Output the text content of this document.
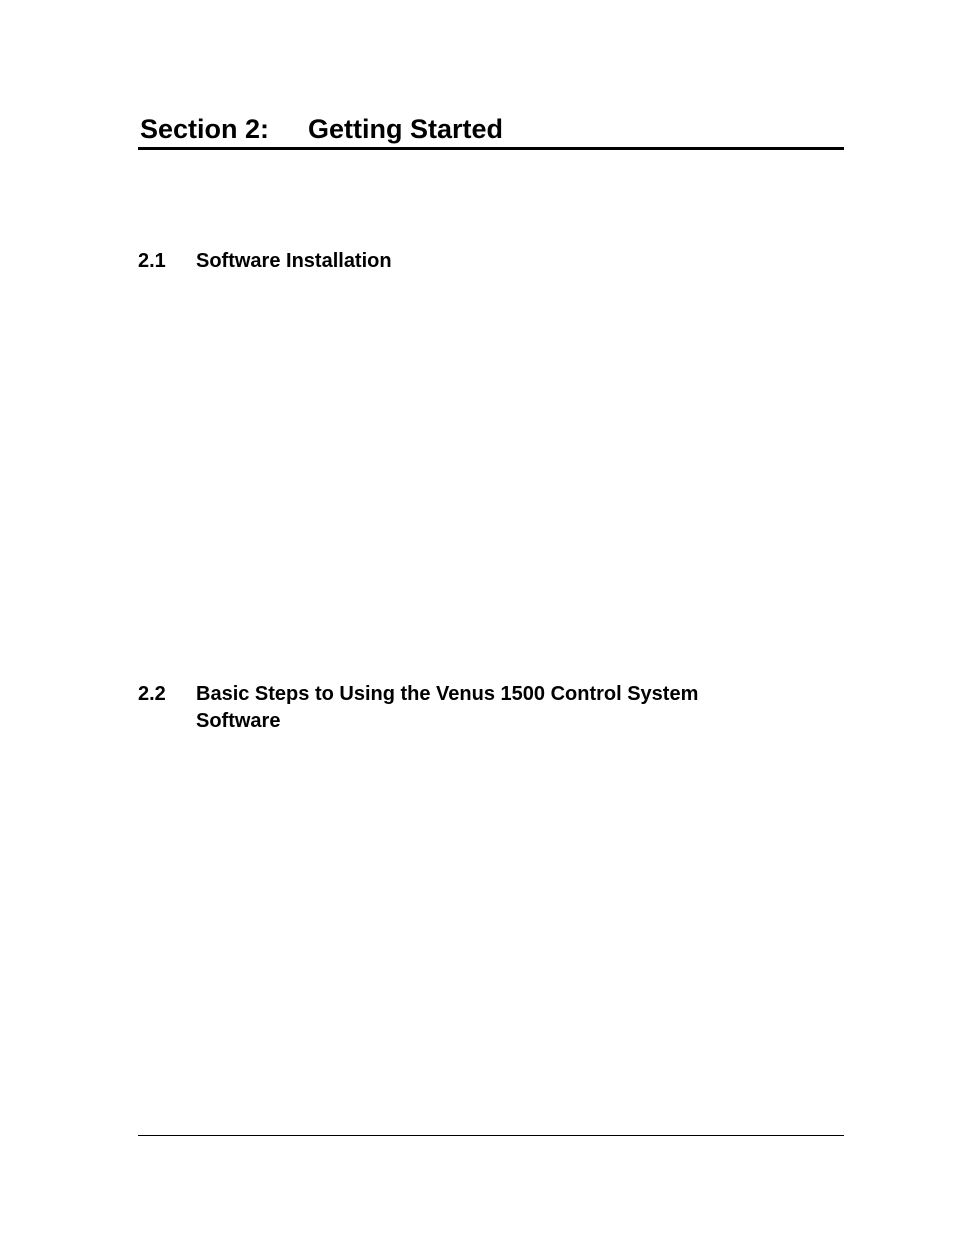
Section 2: Getting Started
2.1	Software Installation
2.2	Basic Steps to Using the Venus 1500 Control System Software
